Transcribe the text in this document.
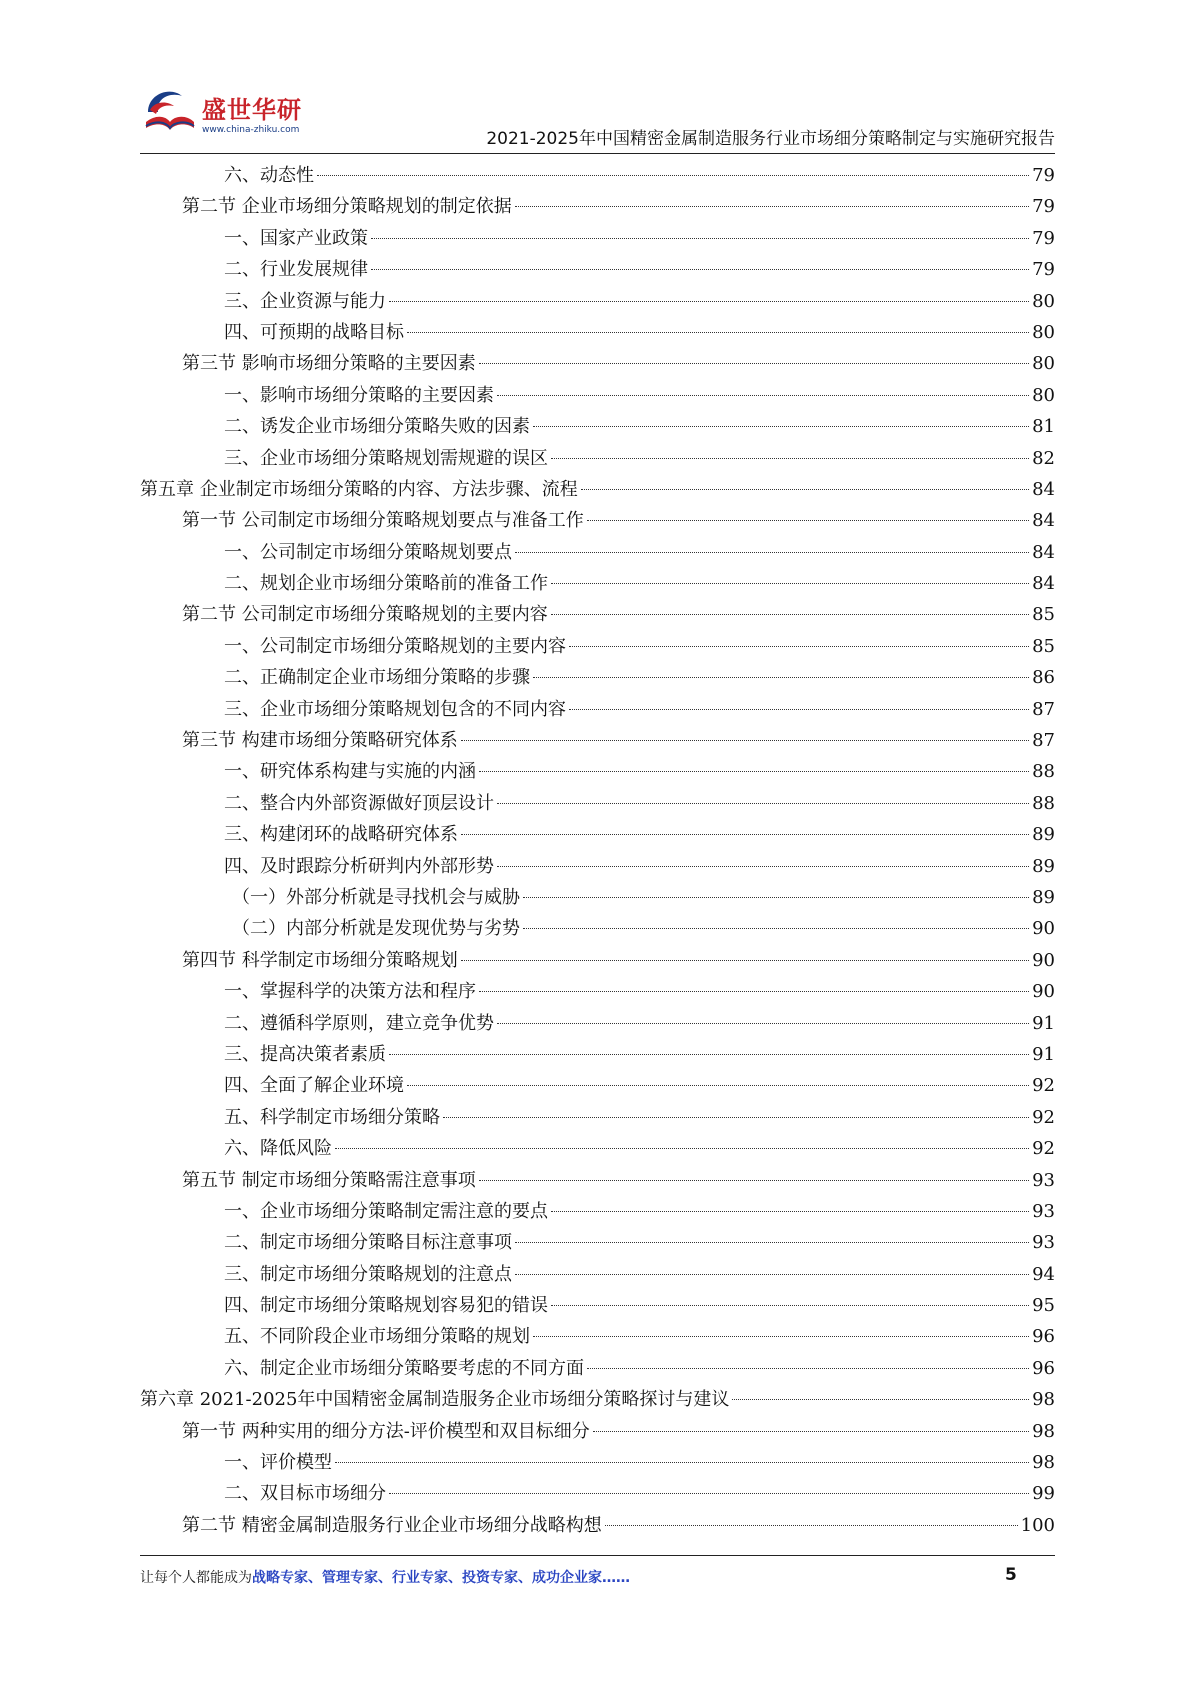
盛世华研
www.china-zhiku.com	2021-2025年中国精密金属制造服务行业市场细分策略制定与实施研究报告
六、动态性	79
第二节 企业市场细分策略规划的制定依据	79
一、国家产业政策	79
二、行业发展规律	79
三、企业资源与能力	80
四、可预期的战略目标	80
第三节 影响市场细分策略的主要因素	80
一、影响市场细分策略的主要因素	80
二、诱发企业市场细分策略失败的因素	81
三、企业市场细分策略规划需规避的误区	82
第五章 企业制定市场细分策略的内容、方法步骤、流程	84
第一节 公司制定市场细分策略规划要点与准备工作	84
一、公司制定市场细分策略规划要点	84
二、规划企业市场细分策略前的准备工作	84
第二节 公司制定市场细分策略规划的主要内容	85
一、公司制定市场细分策略规划的主要内容	85
二、正确制定企业市场细分策略的步骤	86
三、企业市场细分策略规划包含的不同内容	87
第三节 构建市场细分策略研究体系	87
一、研究体系构建与实施的内涵	88
二、整合内外部资源做好顶层设计	88
三、构建闭环的战略研究体系	89
四、及时跟踪分析研判内外部形势	89
（一）外部分析就是寻找机会与威胁	89
（二）内部分析就是发现优势与劣势	90
第四节 科学制定市场细分策略规划	90
一、掌握科学的决策方法和程序	90
二、遵循科学原则，建立竞争优势	91
三、提高决策者素质	91
四、全面了解企业环境	92
五、科学制定市场细分策略	92
六、降低风险	92
第五节 制定市场细分策略需注意事项	93
一、企业市场细分策略制定需注意的要点	93
二、制定市场细分策略目标注意事项	93
三、制定市场细分策略规划的注意点	94
四、制定市场细分策略规划容易犯的错误	95
五、不同阶段企业市场细分策略的规划	96
六、制定企业市场细分策略要考虑的不同方面	96
第六章 2021-2025年中国精密金属制造服务企业市场细分策略探讨与建议	98
第一节 两种实用的细分方法-评价模型和双目标细分	98
一、评价模型	98
二、双目标市场细分	99
第二节 精密金属制造服务行业企业市场细分战略构想	100
让每个人都能成为战略专家、管理专家、行业专家、投资专家、成功企业家……	5
